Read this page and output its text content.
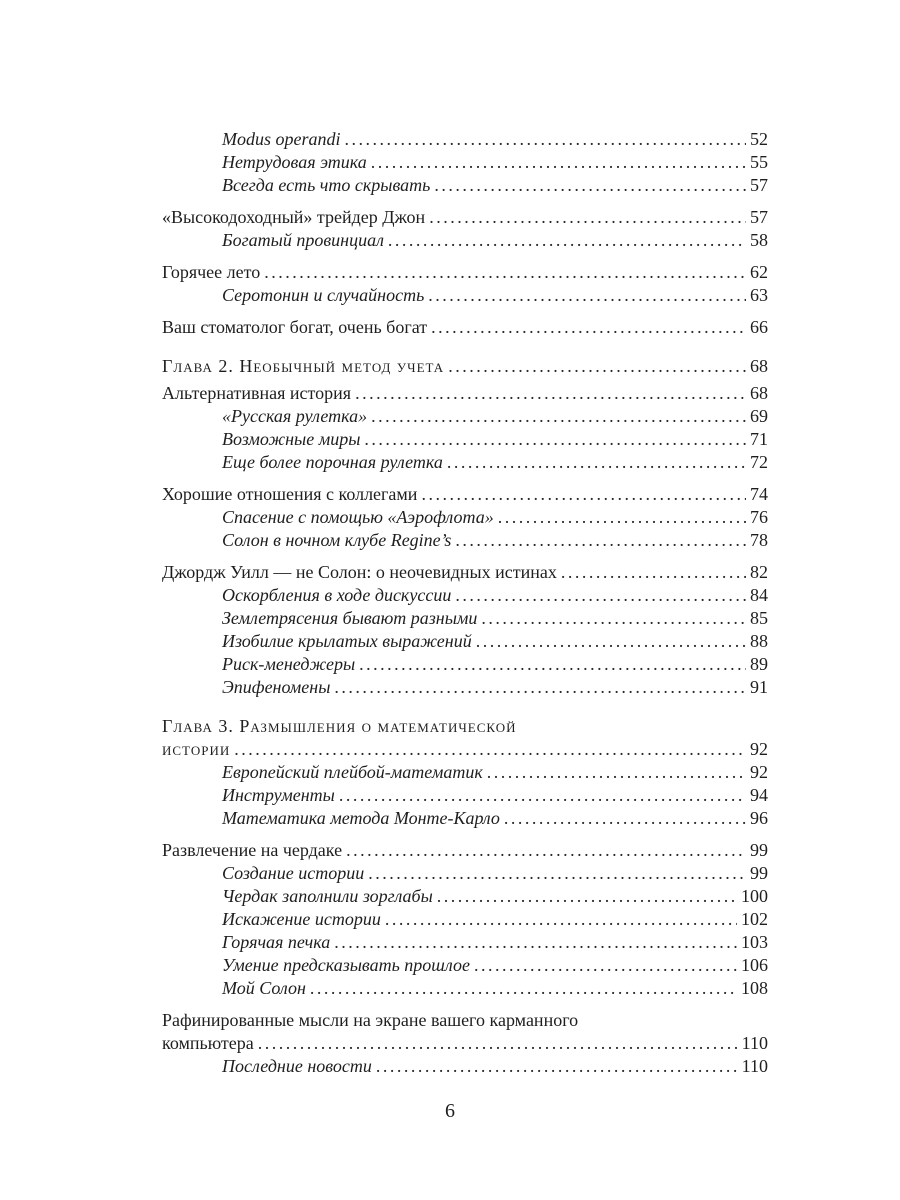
Modus operandi . . .	52
Нетрудовая этика . . .	55
Всегда есть что скрывать . . .	57
«Высокодоходный» трейдер Джон . . .	57
Богатый провинциал . . .	58
Горячее лето . . .	62
Серотонин и случайность . . .	63
Ваш стоматолог богат, очень богат . . .	66
Глава 2. Необычный метод учета . . .	68
Альтернативная история . . .	68
«Русская рулетка» . . .	69
Возможные миры . . .	71
Еще более порочная рулетка . . .	72
Хорошие отношения с коллегами . . .	74
Спасение с помощью «Аэрофлота» . . .	76
Солон в ночном клубе Regine’s . . .	78
Джордж Уилл — не Солон: о неочевидных истинах . . .	82
Оскорбления в ходе дискуссии . . .	84
Землетрясения бывают разными . . .	85
Изобилие крылатых выражений . . .	88
Риск-менеджеры . . .	89
Эпифеномены . . .	91
Глава 3. Размышления о математической
истории . . .	92
Европейский плейбой-математик . . .	92
Инструменты . . .	94
Математика метода Монте-Карло . . .	96
Развлечение на чердаке . . .	99
Создание истории . . .	99
Чердак заполнили зорглабы . . .	100
Искажение истории . . .	102
Горячая печка . . .	103
Умение предсказывать прошлое . . .	106
Мой Солон . . .	108
Рафинированные мысли на экране вашего карманного
компьютера . . .	110
Последние новости . . .	110
6
